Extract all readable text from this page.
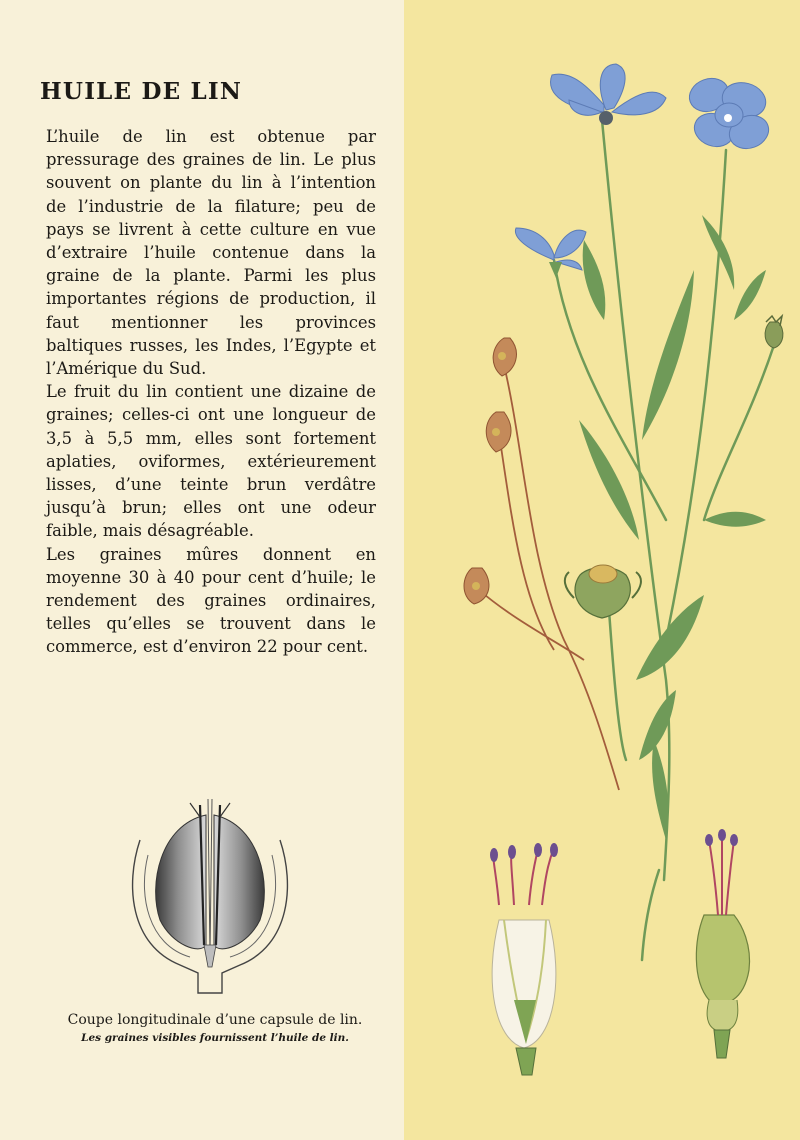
HUILE DE LIN

L’huile de lin est obtenue par pressurage des graines de lin. Le plus souvent on plante du lin à l’intention de l’industrie de la filature; peu de pays se livrent à cette culture en vue d’extraire l’huile contenue dans la graine de la plante. Parmi les plus importantes régions de production, il faut mentionner les provinces baltiques russes, les Indes, l’Egypte et l’Amérique du Sud.

Le fruit du lin contient une dizaine de graines; celles-ci ont une longueur de 3,5 à 5,5 mm, elles sont fortement aplaties, oviformes, extérieurement lisses, d’une teinte brun verdâtre jusqu’à brun; elles ont une odeur faible, mais désagréable.

Les graines mûres donnent en moyenne 30 à 40 pour cent d’huile; le rendement des graines ordinaires, telles qu’elles se trouvent dans le commerce, est d’environ 22 pour cent.

Coupe longitudinale d’une capsule de lin.
Les graines visibles fournissent l’huile de lin.
